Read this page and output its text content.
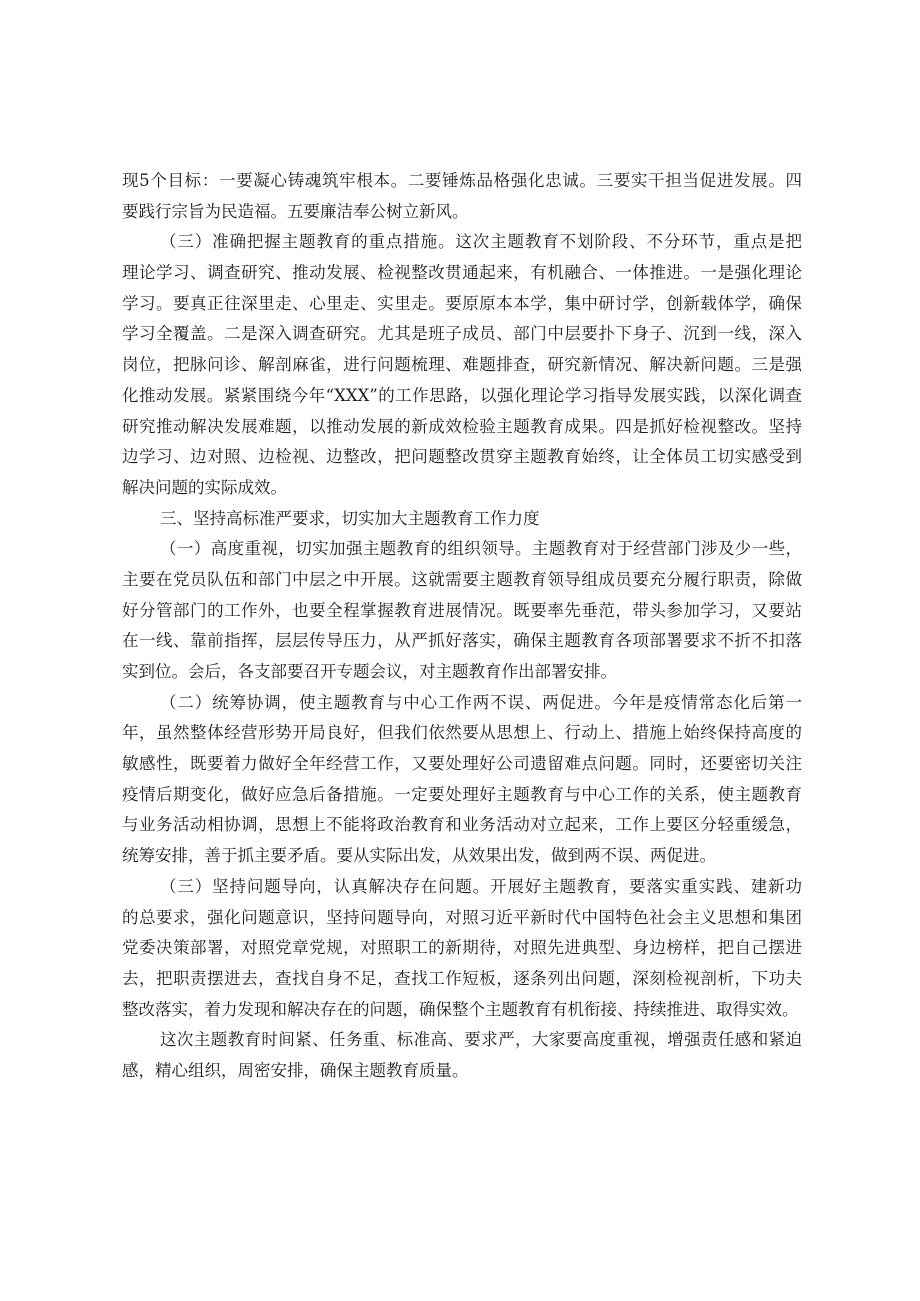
现5个目标：一要凝心铸魂筑牢根本。二要锤炼品格强化忠诚。三要实干担当促进发展。四
要践行宗旨为民造福。五要廉洁奉公树立新风。
（三）准确把握主题教育的重点措施。这次主题教育不划阶段、不分环节，重点是把
理论学习、调查研究、推动发展、检视整改贯通起来，有机融合、一体推进。一是强化理论
学习。要真正往深里走、心里走、实里走。要原原本本学，集中研讨学，创新载体学，确保
学习全覆盖。二是深入调查研究。尤其是班子成员、部门中层要扑下身子、沉到一线，深入
岗位，把脉问诊、解剖麻雀，进行问题梳理、难题排查，研究新情况、解决新问题。三是强
化推动发展。紧紧围绕今年“XXX”的工作思路，以强化理论学习指导发展实践，以深化调查
研究推动解决发展难题，以推动发展的新成效检验主题教育成果。四是抓好检视整改。坚持
边学习、边对照、边检视、边整改，把问题整改贯穿主题教育始终，让全体员工切实感受到
解决问题的实际成效。
三、坚持高标准严要求，切实加大主题教育工作力度
（一）高度重视，切实加强主题教育的组织领导。主题教育对于经营部门涉及少一些，
主要在党员队伍和部门中层之中开展。这就需要主题教育领导组成员要充分履行职责，除做
好分管部门的工作外，也要全程掌握教育进展情况。既要率先垂范，带头参加学习，又要站
在一线、靠前指挥，层层传导压力，从严抓好落实，确保主题教育各项部署要求不折不扣落
实到位。会后，各支部要召开专题会议，对主题教育作出部署安排。
（二）统筹协调，使主题教育与中心工作两不误、两促进。今年是疫情常态化后第一
年，虽然整体经营形势开局良好，但我们依然要从思想上、行动上、措施上始终保持高度的
敏感性，既要着力做好全年经营工作，又要处理好公司遗留难点问题。同时，还要密切关注
疫情后期变化，做好应急后备措施。一定要处理好主题教育与中心工作的关系，使主题教育
与业务活动相协调，思想上不能将政治教育和业务活动对立起来，工作上要区分轻重缓急，
统筹安排，善于抓主要矛盾。要从实际出发，从效果出发，做到两不误、两促进。
（三）坚持问题导向，认真解决存在问题。开展好主题教育，要落实重实践、建新功
的总要求，强化问题意识，坚持问题导向，对照习近平新时代中国特色社会主义思想和集团
党委决策部署，对照党章党规，对照职工的新期待，对照先进典型、身边榜样，把自己摆进
去，把职责摆进去，查找自身不足，查找工作短板，逐条列出问题，深刻检视剖析，下功夫
整改落实，着力发现和解决存在的问题，确保整个主题教育有机衔接、持续推进、取得实效。
这次主题教育时间紧、任务重、标准高、要求严，大家要高度重视，增强责任感和紧迫
感，精心组织，周密安排，确保主题教育质量。
